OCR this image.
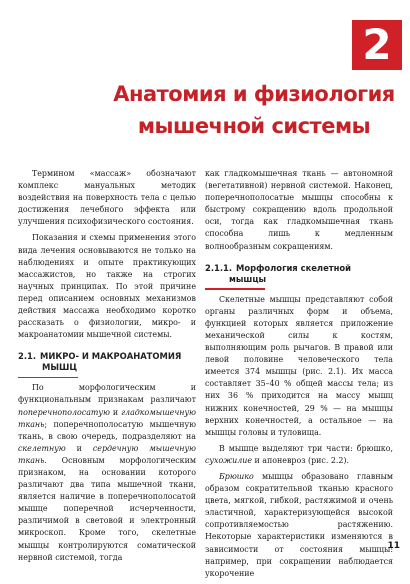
2
Анатомия и физиология
мышечной системы

Термином «массаж» обозначают комплекс мануальных методик воздействия на поверхность тела с целью достижения лечебного эффекта или улучшения психофизического состояния.

Показания и схемы применения этого вида лечения основываются не только на наблюдениях и опыте практикующих массажистов, но также на строгих научных принципах. По этой причине перед описанием основных механизмов действия массажа необходимо коротко рассказать о физиологии, микро- и макроанатомии мышечной системы.

2.1. МИКРО- И МАКРОАНАТОМИЯ
МЫШЦ

По морфологическим и функциональным признакам различают поперечнополосатую и гладкомышечную ткань; поперечнополосатую мышечную ткань, в свою очередь, подразделяют на скелетную и сердечную мышечную ткань. Основным морфологическим признаком, на основании которого различают два типа мышечной ткани, является наличие в поперечнополосатой мышце поперечной исчерченности, различимой в световой и электронный микроскоп. Кроме того, скелетные мышцы контролируются соматической нервной системой, тогда

как гладкомышечная ткань — автономной (вегетативной) нервной системой. Наконец, поперечнополосатые мышцы способны к быстрому сокращению вдоль продольной оси, тогда как гладкомышечная ткань способна лишь к медленным волнообразным сокращениям.

2.1.1. Морфология скелетной
мышцы

Скелетные мышцы представляют собой органы различных форм и объема, функцией которых является приложение механической силы к костям, выполняющим роль рычагов. В правой или левой половине человеческого тела имеется 374 мышцы (рис. 2.1). Их масса составляет 35–40 % общей массы тела; из них 36 % приходится на массу мышц нижних конечностей, 29 % — на мышцы верхних конечностей, а остальное — на мышцы головы и туловища.

В мышце выделяют три части: брюшко, сухожилие и апоневроз (рис. 2.2).

Брюшко мышцы образовано главным образом сократительной тканью красного цвета, мягкой, гибкой, растяжимой и очень эластичной, характеризующейся высокой сопротивляемостью растяжению. Некоторые характеристики изменяются в зависимости от состояния мышцы: например, при сокращении наблюдается укорочение

11
